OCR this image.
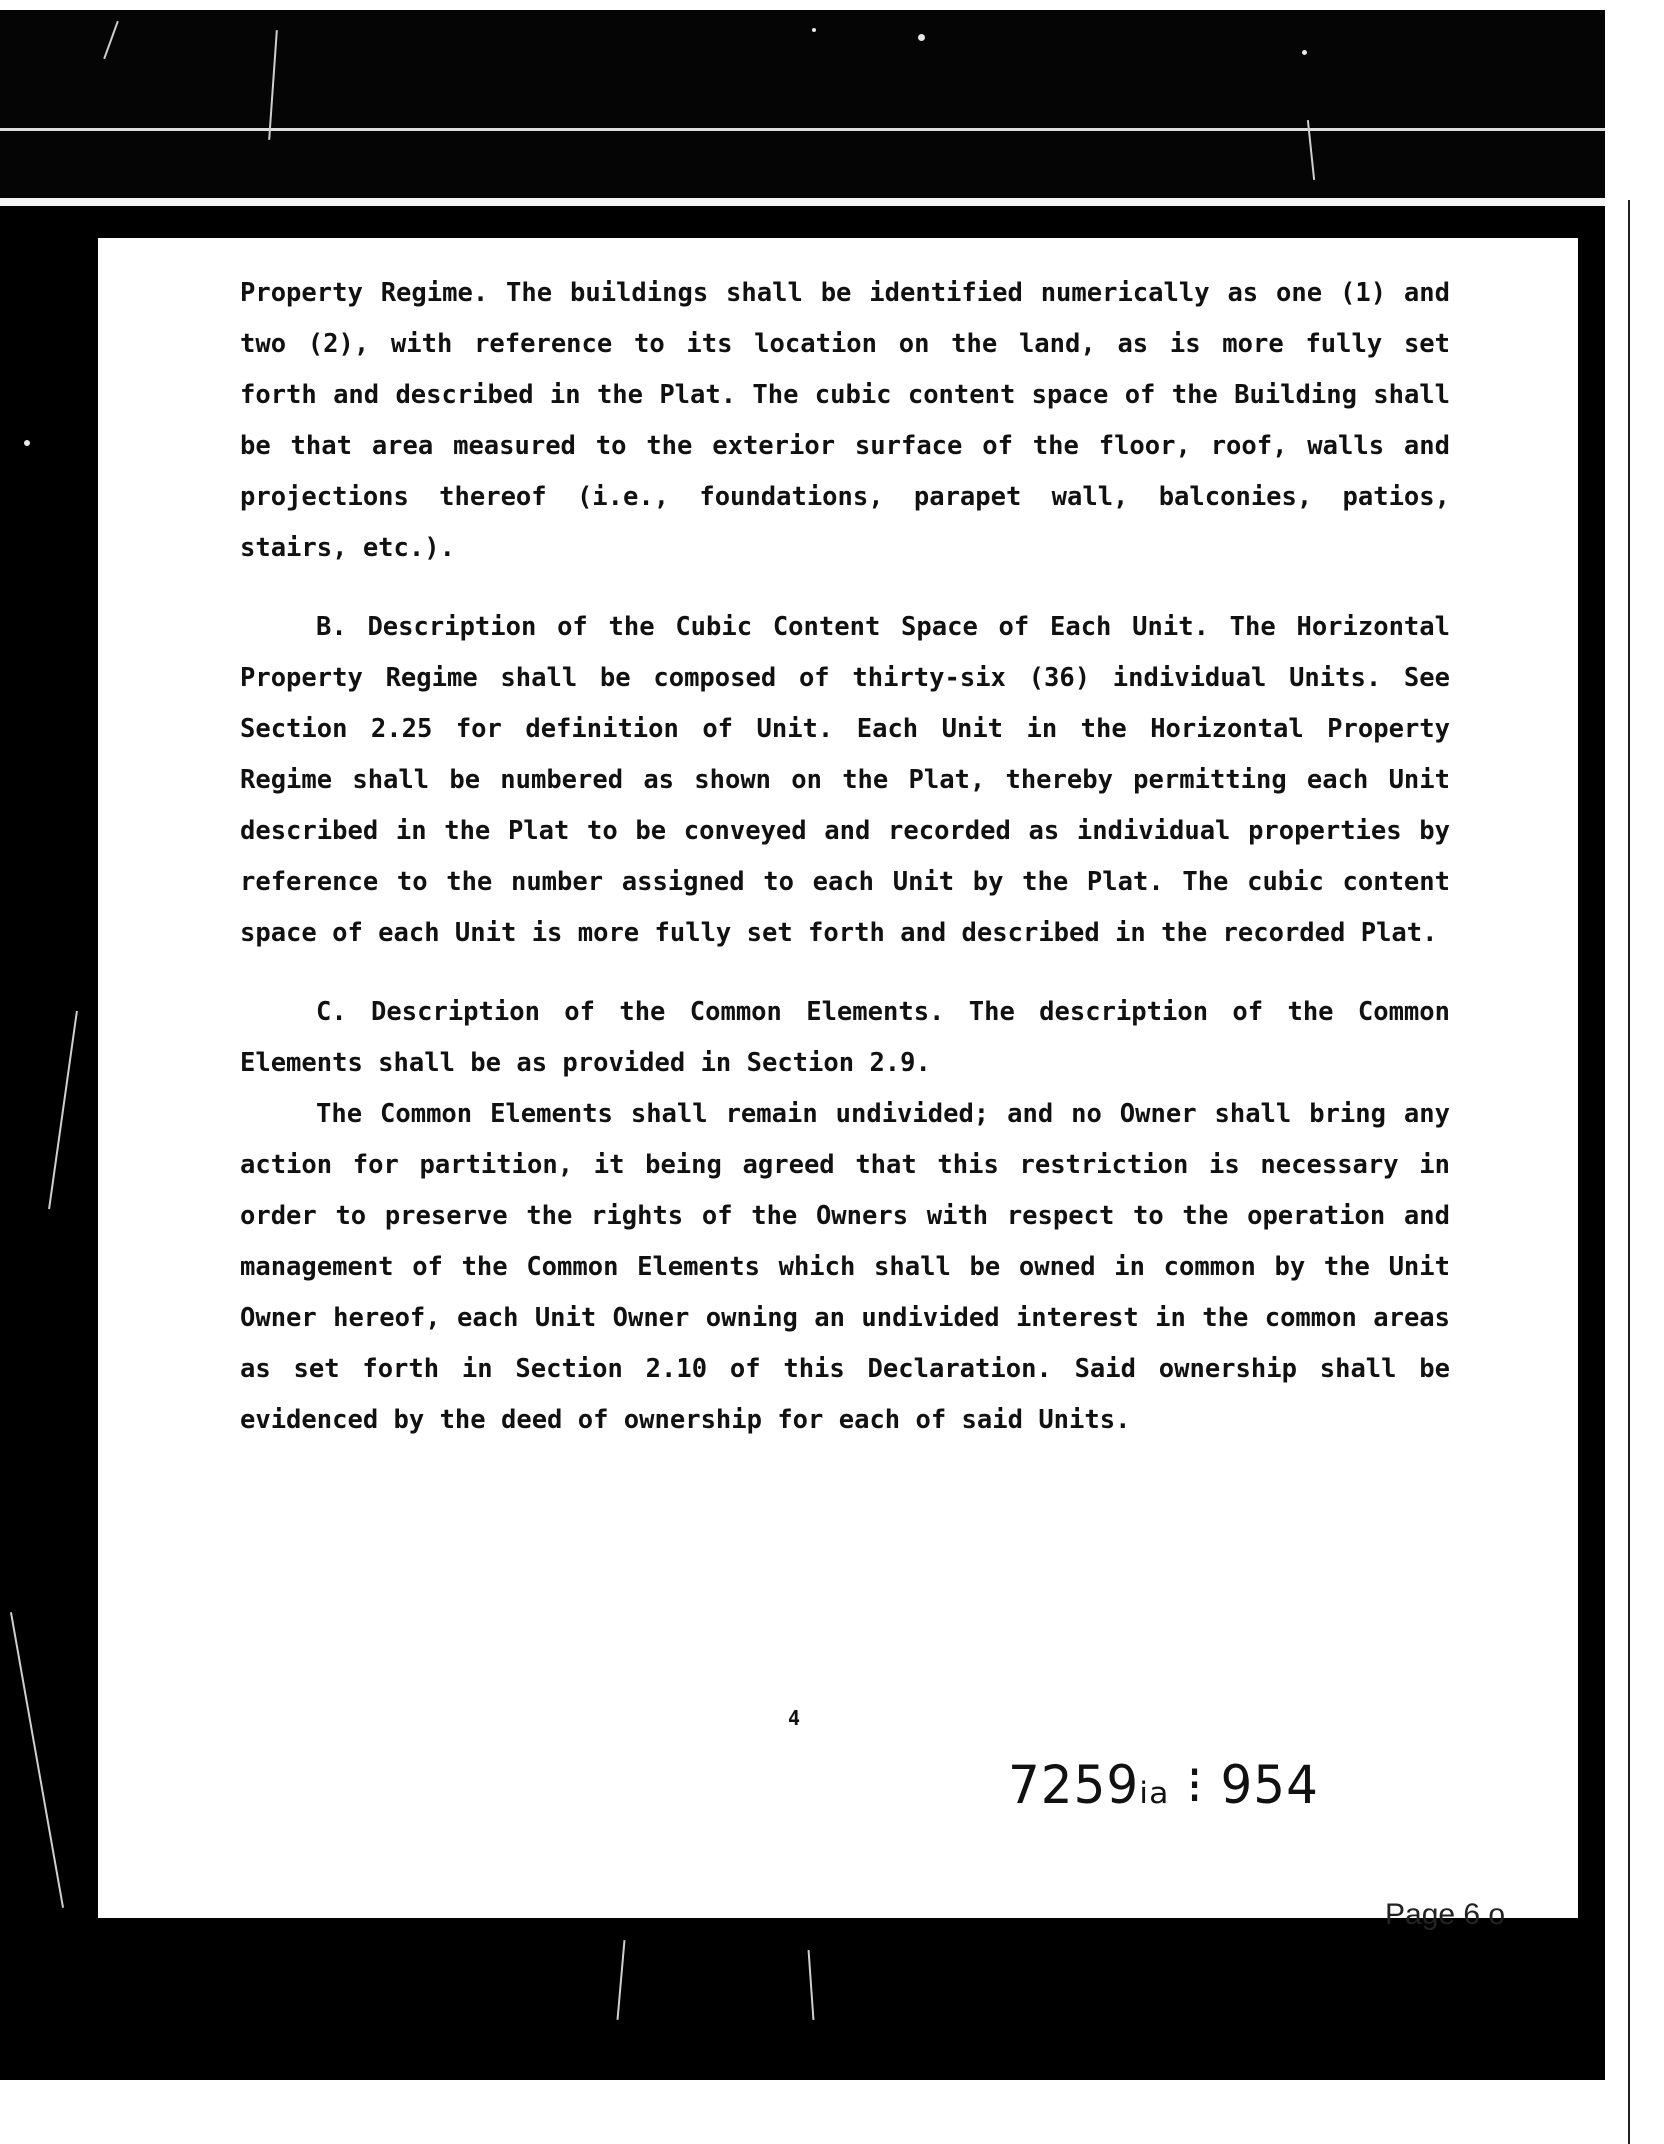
Property Regime. The buildings shall be identified numerically as one (1) and two (2), with reference to its location on the land, as is more fully set forth and described in the Plat. The cubic content space of the Building shall be that area measured to the exterior surface of the floor, roof, walls and projections thereof (i.e., foundations, parapet wall, balconies, patios, stairs, etc.).

B. Description of the Cubic Content Space of Each Unit. The Horizontal Property Regime shall be composed of thirty-six (36) individual Units. See Section 2.25 for definition of Unit. Each Unit in the Horizontal Property Regime shall be numbered as shown on the Plat, thereby permitting each Unit described in the Plat to be conveyed and recorded as individual properties by reference to the number assigned to each Unit by the Plat. The cubic content space of each Unit is more fully set forth and described in the recorded Plat.

C. Description of the Common Elements. The description of the Common Elements shall be as provided in Section 2.9.

The Common Elements shall remain undivided; and no Owner shall bring any action for partition, it being agreed that this restriction is necessary in order to preserve the rights of the Owners with respect to the operation and management of the Common Elements which shall be owned in common by the Unit Owner hereof, each Unit Owner owning an undivided interest in the common areas as set forth in Section 2.10 of this Declaration. Said ownership shall be evidenced by the deed of ownership for each of said Units.

4
7259ᵢₐ ⁝ 954
Page 6 o
